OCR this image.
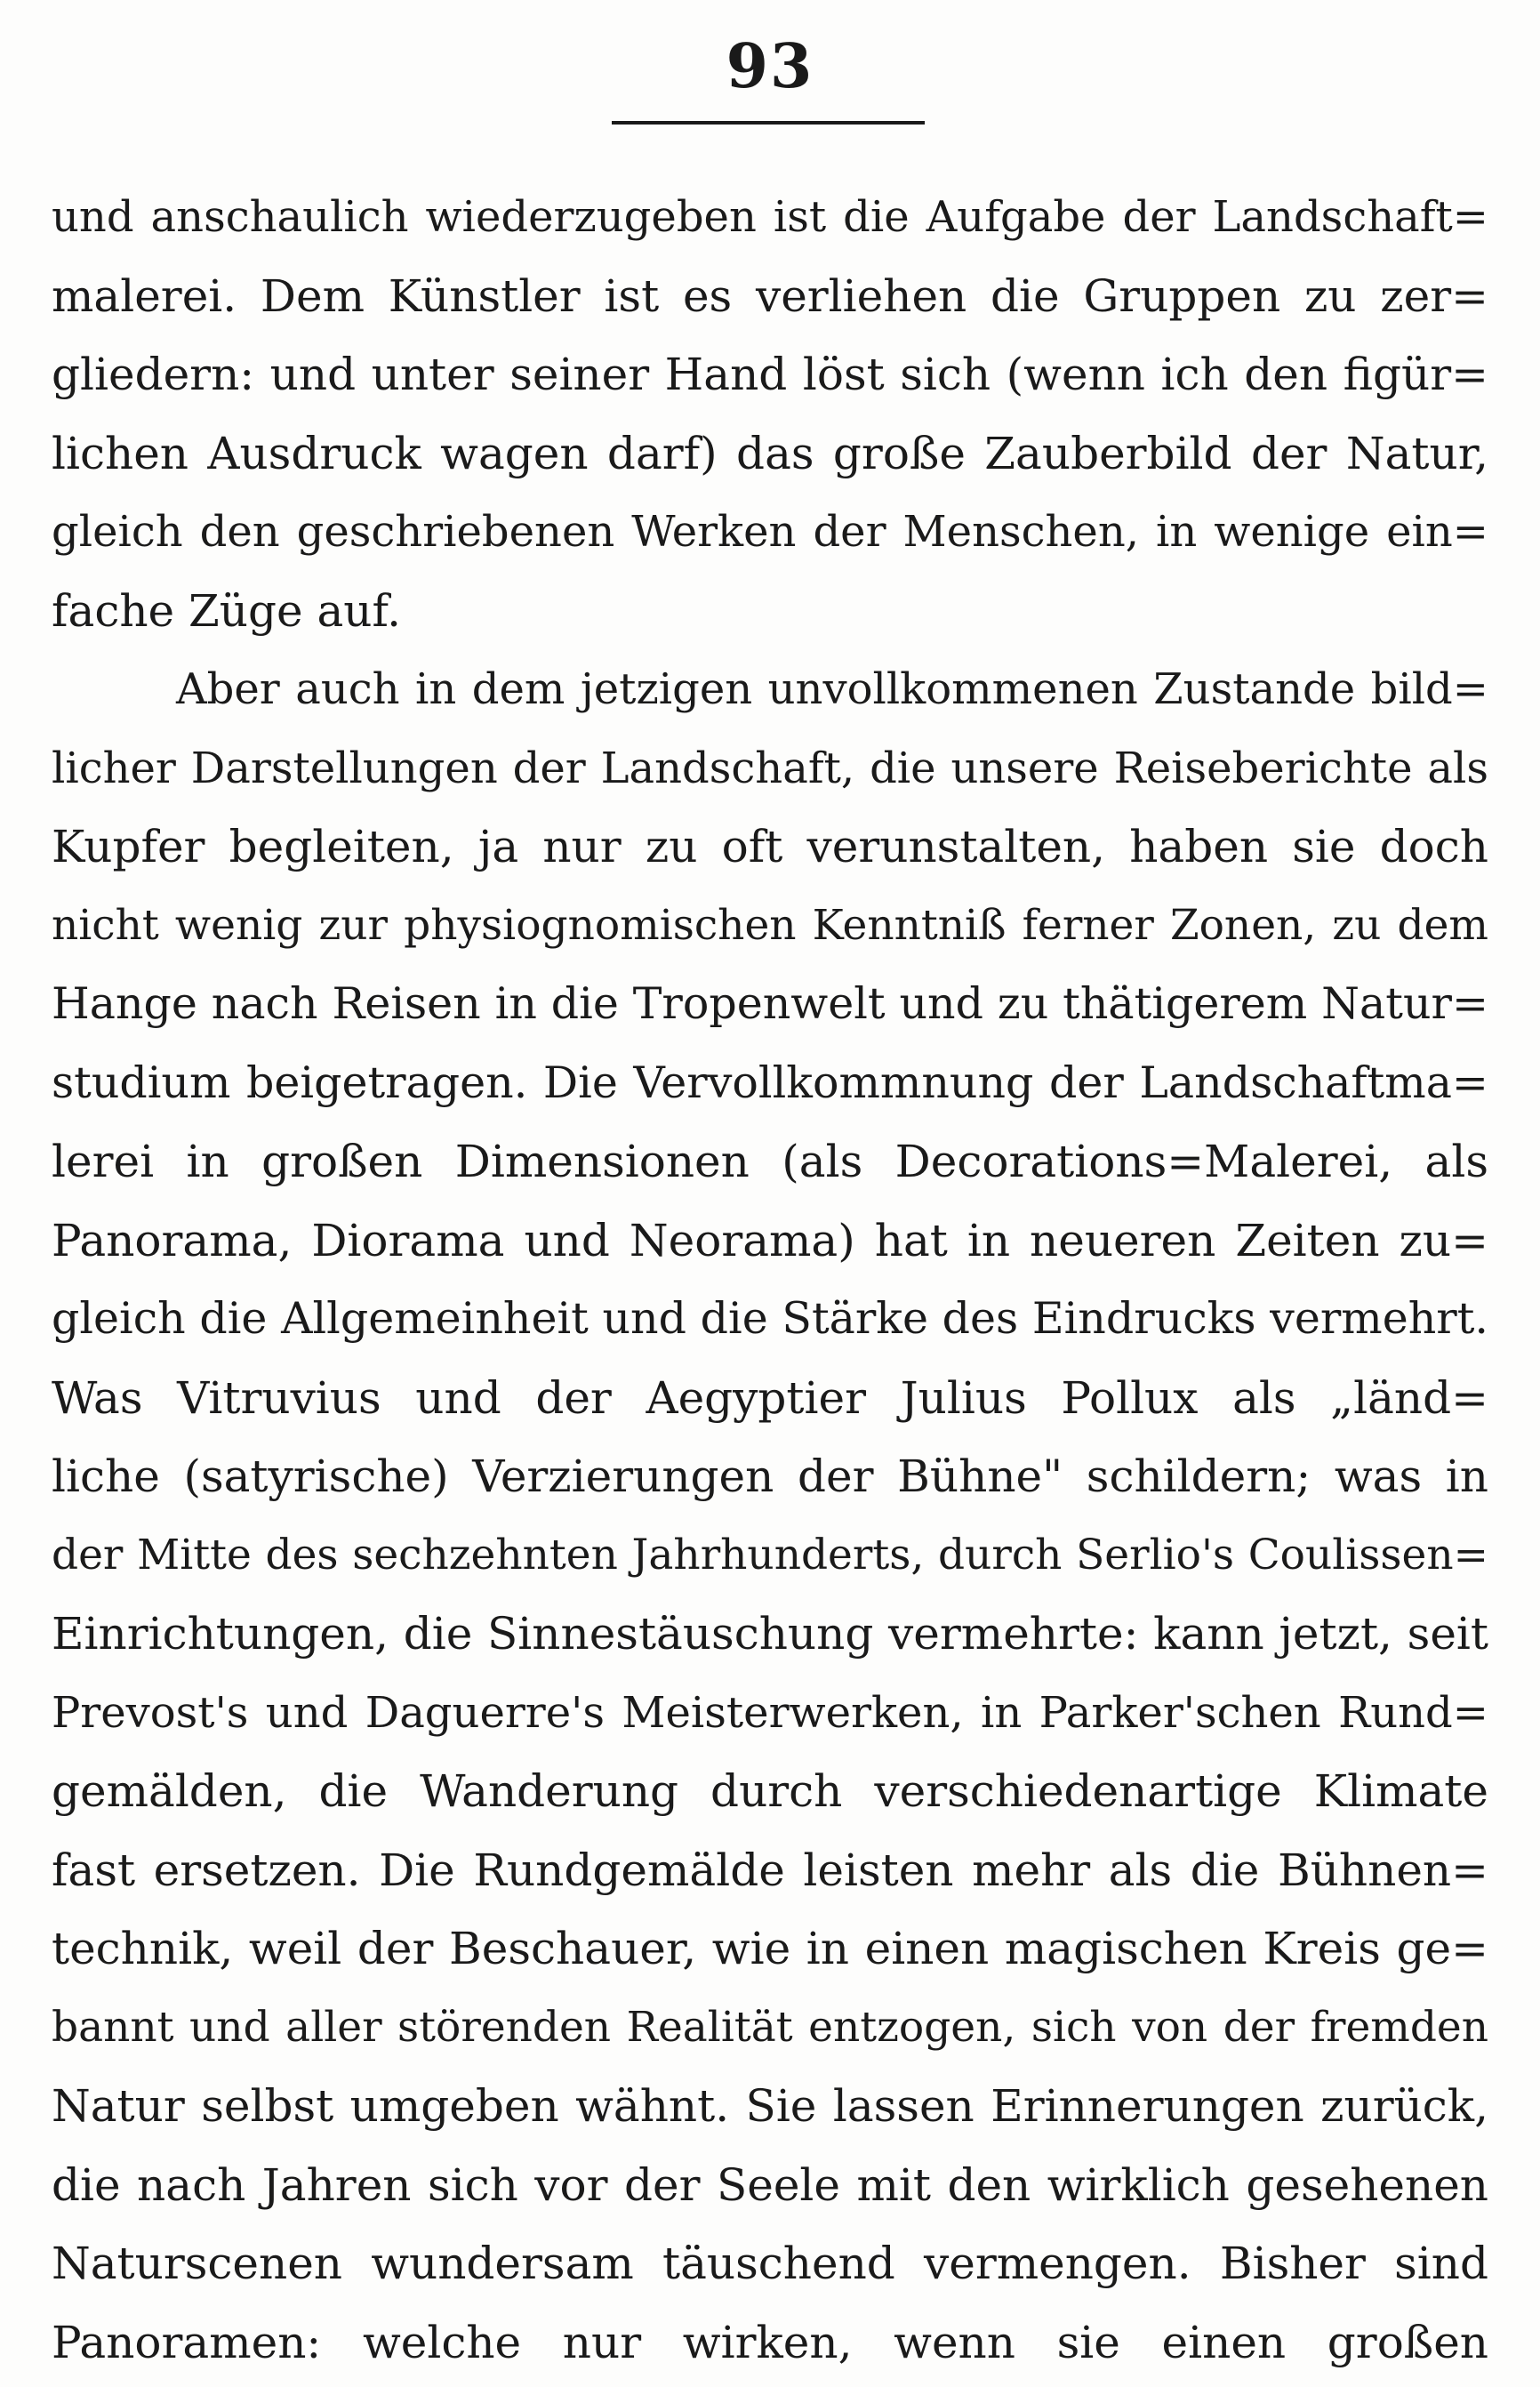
93
und anschaulich wiederzugeben ist die Aufgabe der Landschaft=
malerei. Dem Künstler ist es verliehen die Gruppen zu zer=
gliedern: und unter seiner Hand löst sich (wenn ich den figür=
lichen Ausdruck wagen darf) das große Zauberbild der Natur,
gleich den geschriebenen Werken der Menschen, in wenige ein=
fache Züge auf.
Aber auch in dem jetzigen unvollkommenen Zustande bild=
licher Darstellungen der Landschaft, die unsere Reiseberichte als
Kupfer begleiten, ja nur zu oft verunstalten, haben sie doch
nicht wenig zur physiognomischen Kenntniß ferner Zonen, zu dem
Hange nach Reisen in die Tropenwelt und zu thätigerem Natur=
studium beigetragen. Die Vervollkommnung der Landschaftma=
lerei in großen Dimensionen (als Decorations=Malerei, als
Panorama, Diorama und Neorama) hat in neueren Zeiten zu=
gleich die Allgemeinheit und die Stärke des Eindrucks vermehrt.
Was Vitruvius und der Aegyptier Julius Pollux als „länd=
liche (satyrische) Verzierungen der Bühne" schildern; was in
der Mitte des sechzehnten Jahrhunderts, durch Serlio's Coulissen=
Einrichtungen, die Sinnestäuschung vermehrte: kann jetzt, seit
Prevost's und Daguerre's Meisterwerken, in Parker'schen Rund=
gemälden, die Wanderung durch verschiedenartige Klimate
fast ersetzen. Die Rundgemälde leisten mehr als die Bühnen=
technik, weil der Beschauer, wie in einen magischen Kreis ge=
bannt und aller störenden Realität entzogen, sich von der fremden
Natur selbst umgeben wähnt. Sie lassen Erinnerungen zurück,
die nach Jahren sich vor der Seele mit den wirklich gesehenen
Naturscenen wundersam täuschend vermengen. Bisher sind
Panoramen: welche nur wirken, wenn sie einen großen
